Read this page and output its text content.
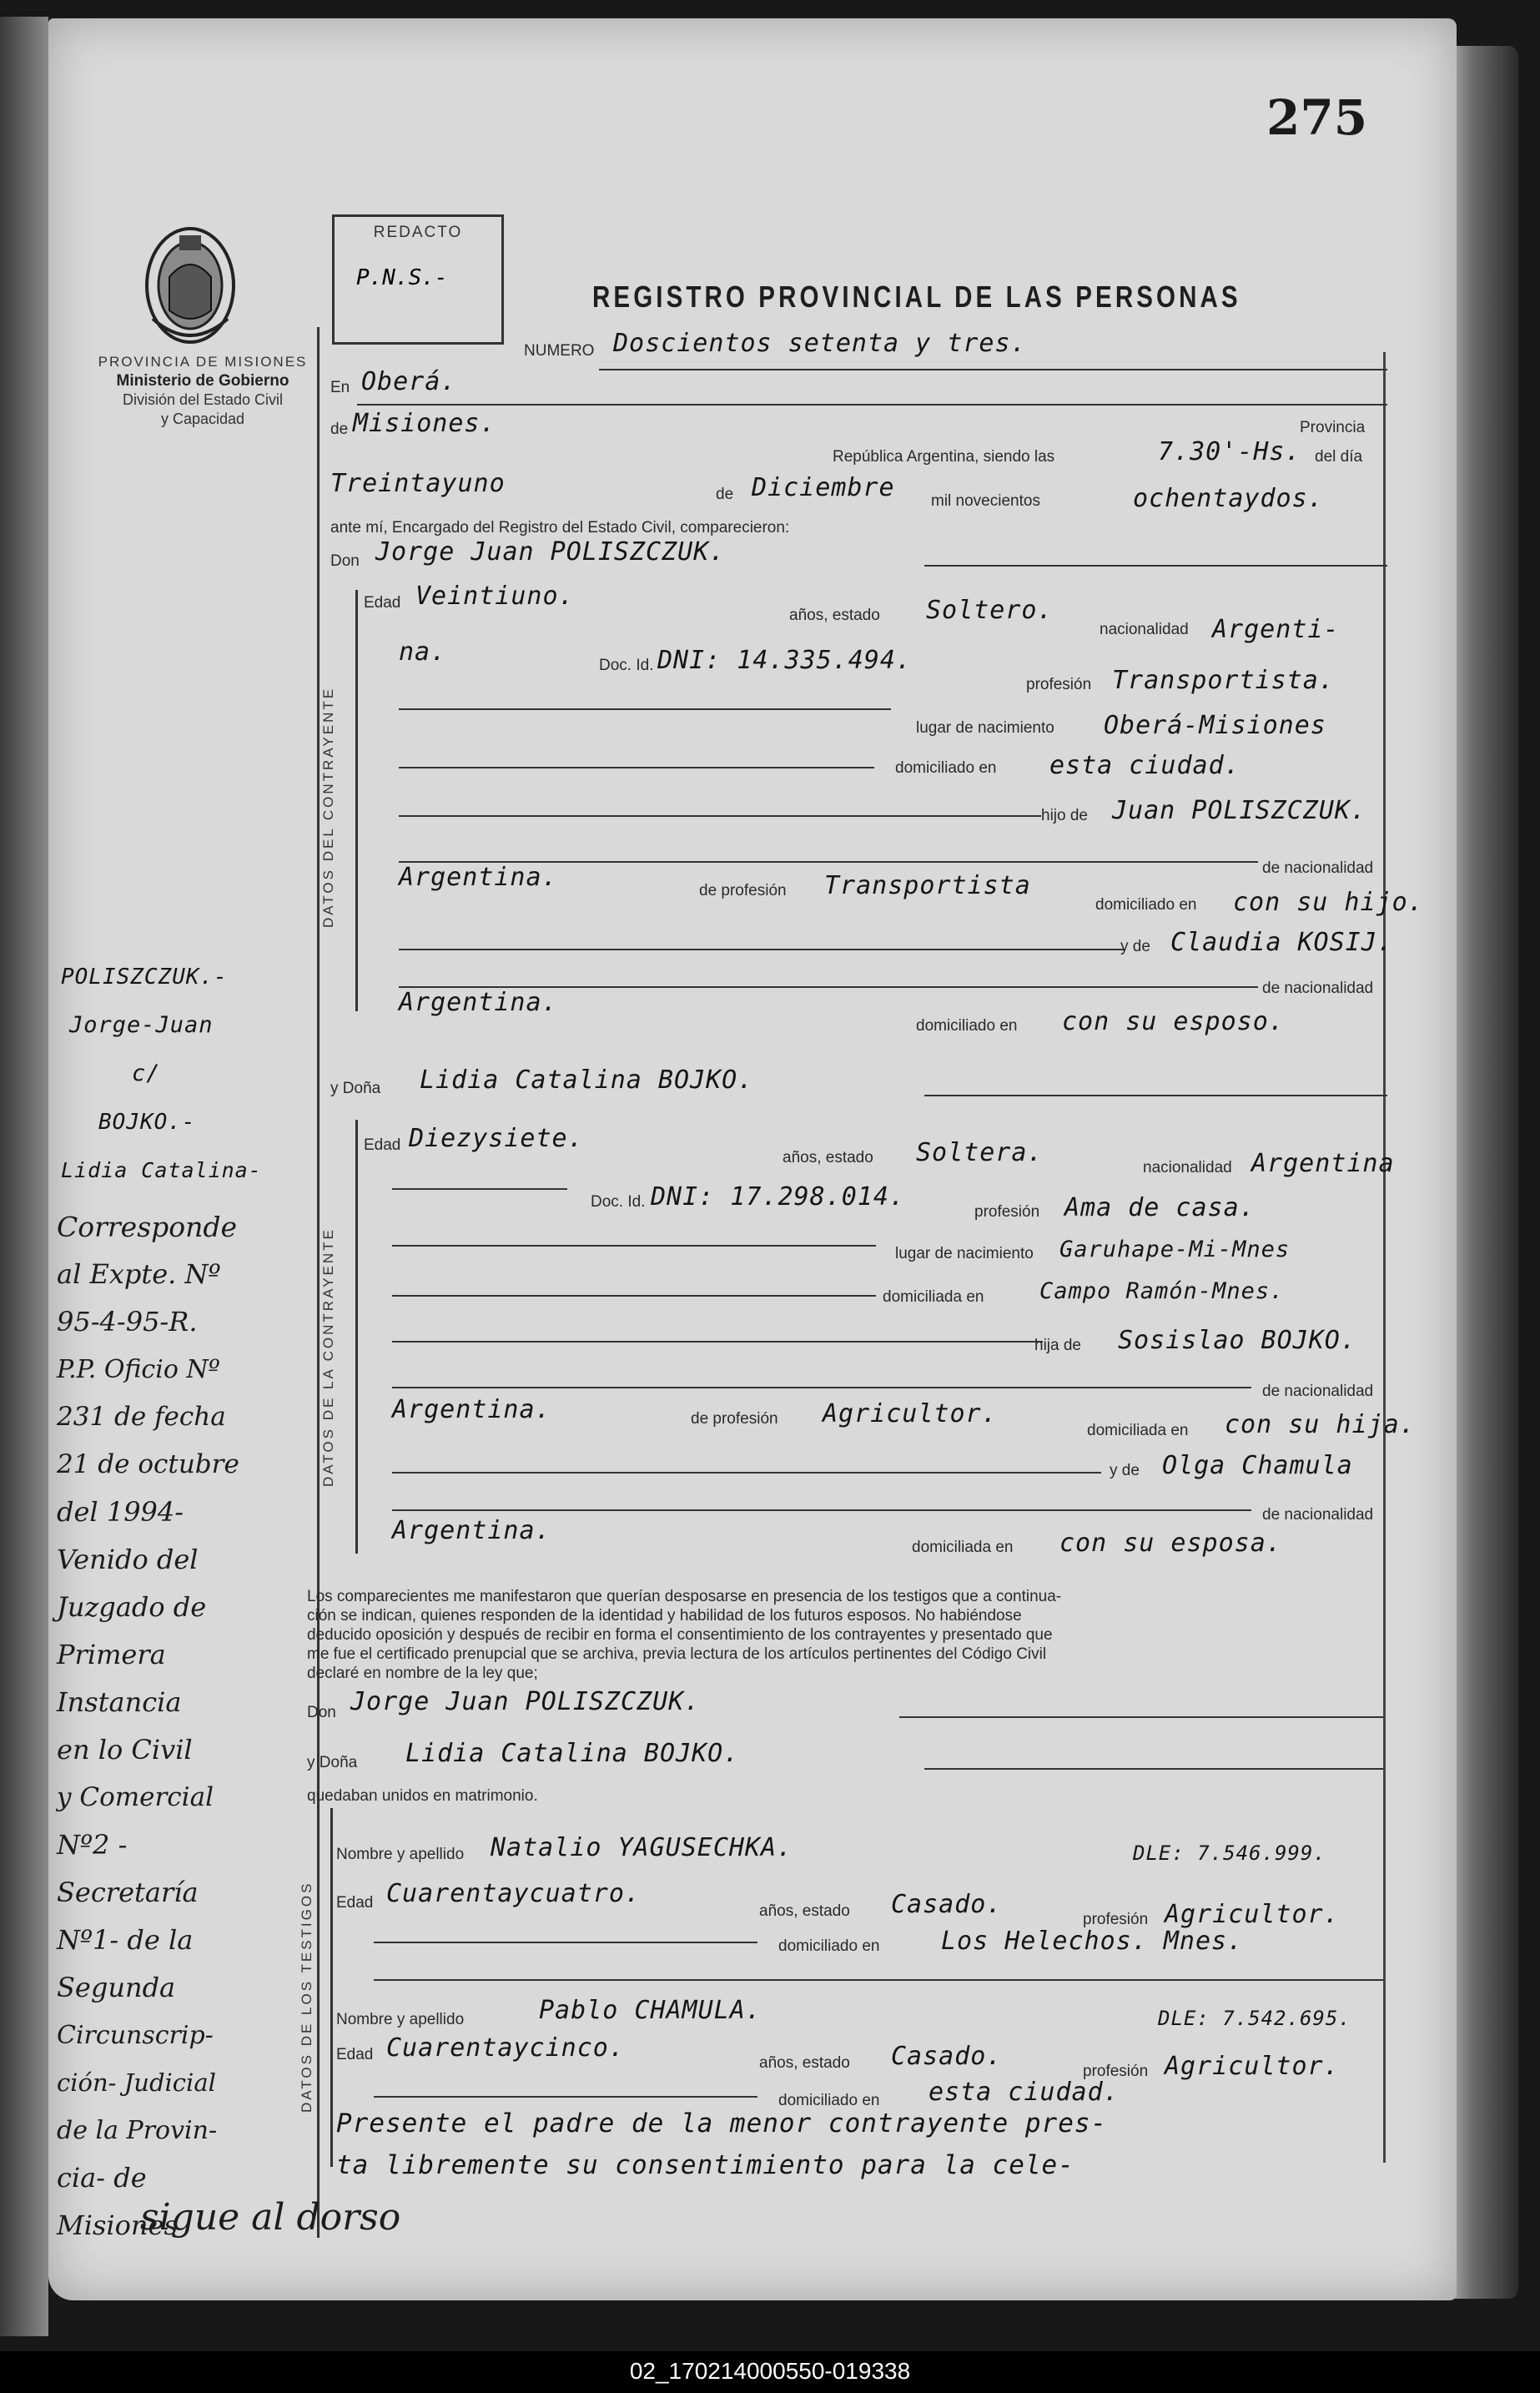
275
PROVINCIA DE MISIONES
Ministerio de Gobierno
División del Estado Civil
y Capacidad
REDACTO
P.N.S.-
REGISTRO PROVINCIAL DE LAS PERSONAS
NUMERO Doscientos setenta y tres.
En Oberá.
de Misiones.	Provincia
República Argentina, siendo las	7.30'-Hs. del día
Treintayuno	de Diciembre mil novecientos	ochentaydos.
ante mí, Encargado del Registro del Estado Civil, comparecieron:
Don Jorge Juan POLISZCZUK.
DATOS DEL CONTRAYENTE
Edad Veintiuno.
años, estado Soltero.
nacionalidad Argenti-
na.	Doc. Id. DNI: 14.335.494.
profesión Transportista.
lugar de nacimiento Oberá-Misiones
domiciliado en esta ciudad.
hijo de Juan POLISZCZUK.
de nacionalidad
Argentina.	de profesión Transportista
domiciliado en con su hijo.
y de Claudia KOSIJ.
de nacionalidad
Argentina.
domiciliado en con su esposo.
y Doña Lidia Catalina BOJKO.
DATOS DE LA CONTRAYENTE
Edad Diezysiete.
años, estado Soltera.
nacionalidad Argentina
Doc. Id. DNI: 17.298.014.
profesión Ama de casa.
lugar de nacimiento Garuhape-Mi-Mnes
domiciliada en Campo Ramón-Mnes.
hija de Sosislao BOJKO.
de nacionalidad
Argentina.	de profesión Agricultor.
domiciliada en con su hija.
y de Olga Chamula
de nacionalidad
Argentina.
domiciliada en con su esposa.
Los comparecientes me manifestaron que querían desposarse en presencia de los testigos que a continua-
ción se indican, quienes responden de la identidad y habilidad de los futuros esposos. No habiéndose
deducido oposición y después de recibir en forma el consentimiento de los contrayentes y presentado que
me fue el certificado prenupcial que se archiva, previa lectura de los artículos pertinentes del Código Civil
declaré en nombre de la ley que;
Don Jorge Juan POLISZCZUK.
y Doña Lidia Catalina BOJKO.
quedaban unidos en matrimonio.
DATOS DE LOS TESTIGOS
Nombre y apellido Natalio YAGUSECHKA.	DLE: 7.546.999.
Edad Cuarentaycuatro.
años, estado Casado.
profesión Agricultor.
domiciliado en Los Helechos. Mnes.
Nombre y apellido	Pablo CHAMULA.	DLE: 7.542.695.
Edad Cuarentaycinco.
años, estado Casado.
profesión Agricultor.
domiciliado en esta ciudad.
Presente el padre de la menor contrayente pres-
ta libremente su consentimiento para la cele-
POLISZCZUK.-
Jorge-Juan
c/
BOJKO.-
Lidia Catalina-
Corresponde
al Expte. Nº
95-4-95-R.
P.P. Oficio Nº
231 de fecha
21 de octubre
del 1994-
Venido del
Juzgado de
Primera
Instancia
en lo Civil
y Comercial
Nº2 -
Secretaría
Nº1- de la
Segunda
Circunscrip-
ción- Judicial
de la Provin-
cia- de
Misiones
sigue al dorso
02_170214000550-019338
